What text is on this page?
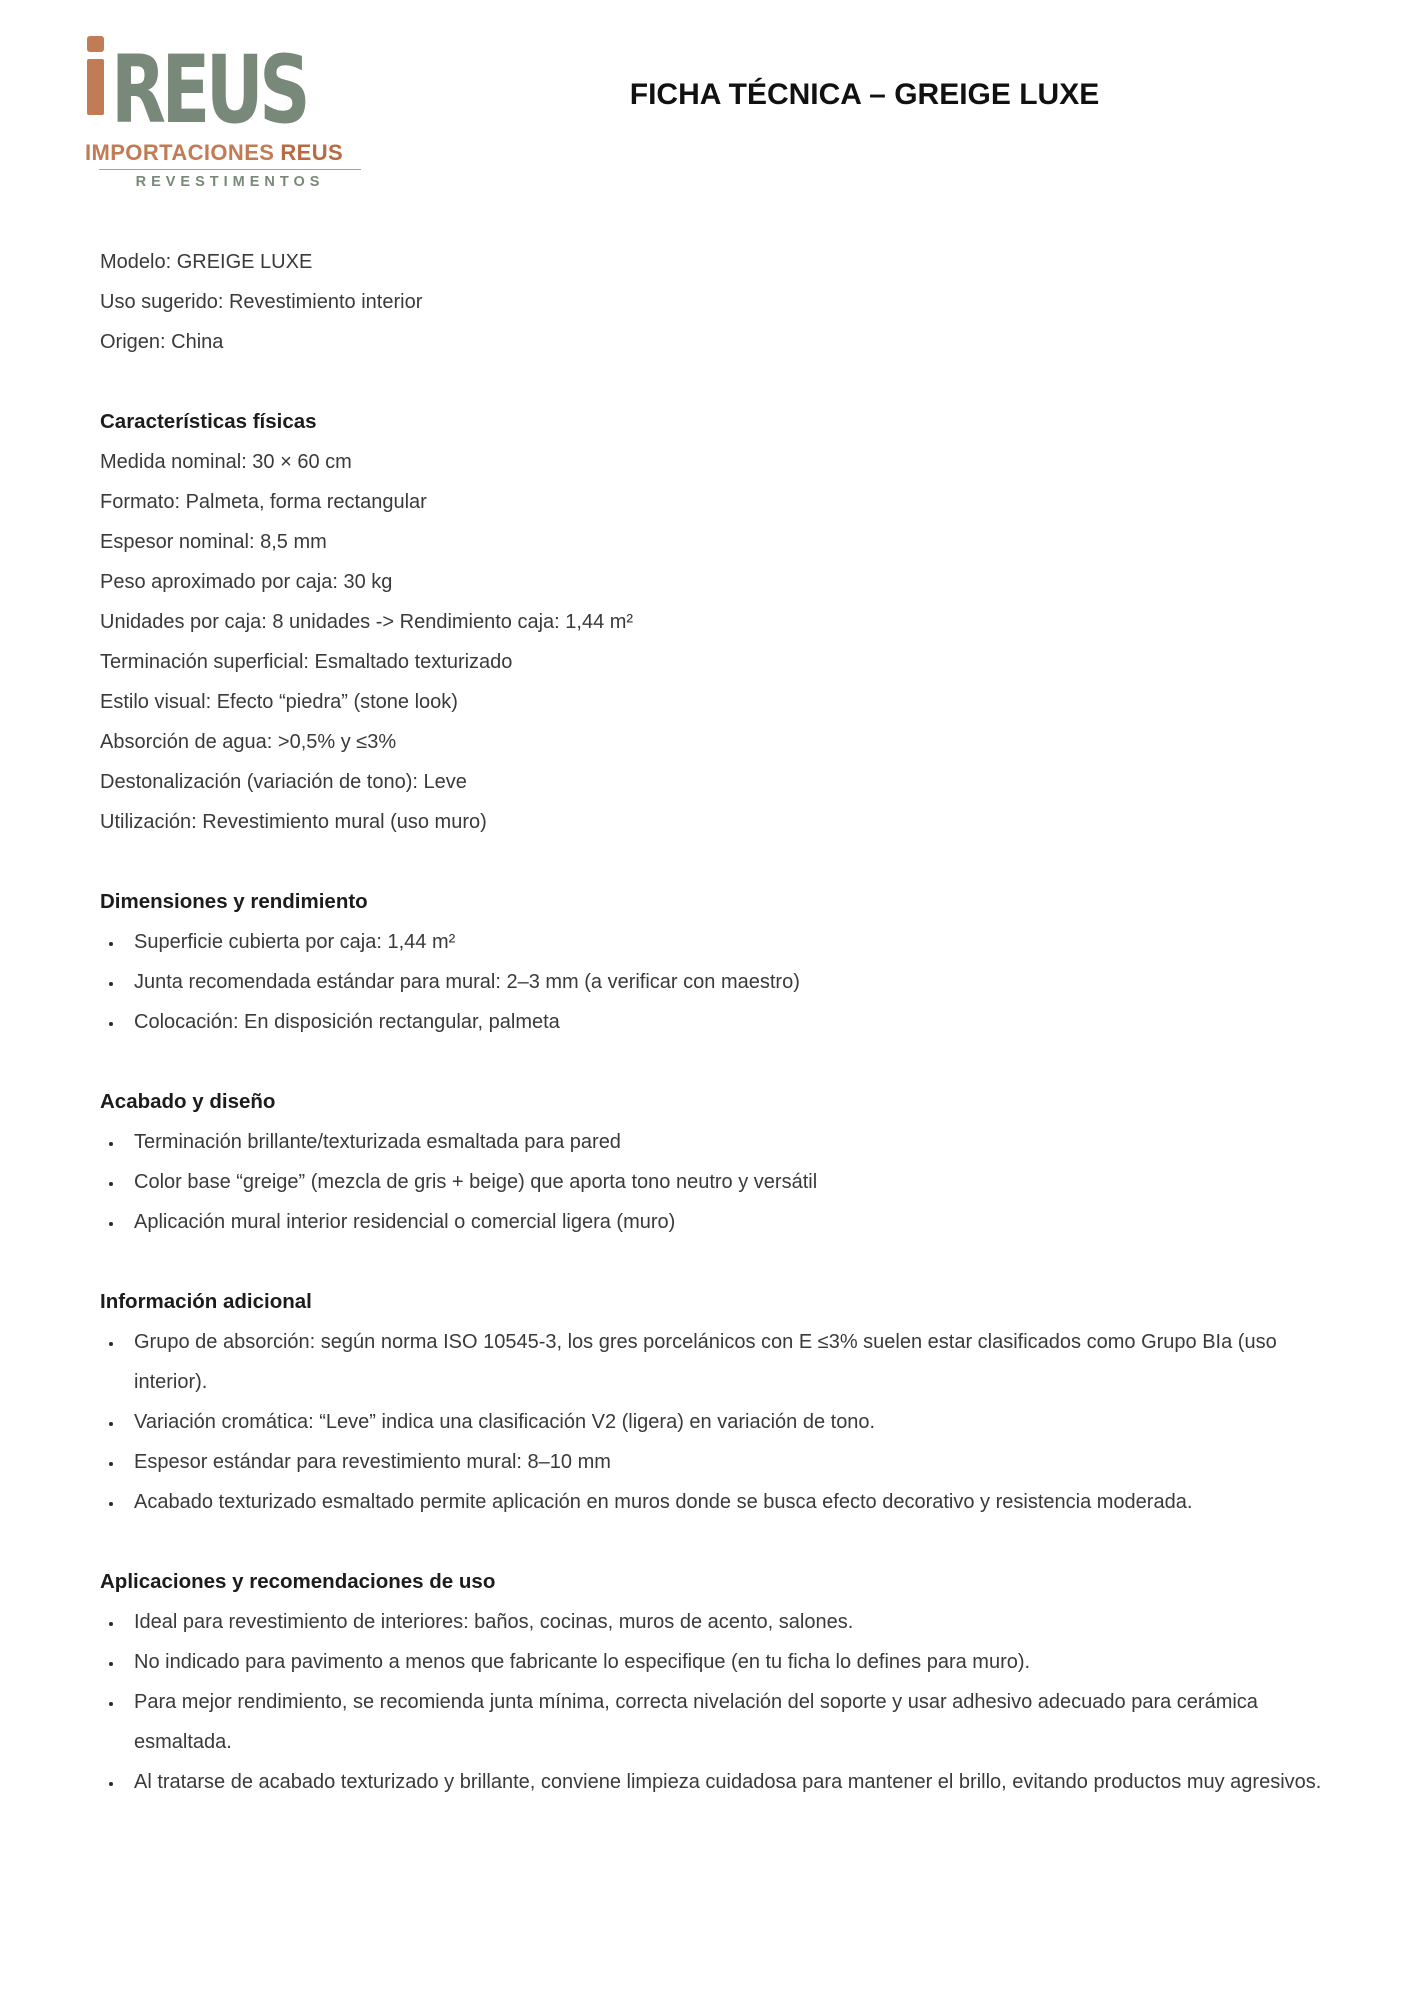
REUS
IMPORTACIONES REUS
REVESTIMENTOS
FICHA TÉCNICA – GREIGE LUXE

Modelo: GREIGE LUXE

Uso sugerido: Revestimiento interior

Origen: China

Características físicas

Medida nominal: 30 × 60 cm

Formato: Palmeta, forma rectangular

Espesor nominal: 8,5 mm

Peso aproximado por caja: 30 kg

Unidades por caja: 8 unidades -> Rendimiento caja: 1,44 m²

Terminación superficial: Esmaltado texturizado

Estilo visual: Efecto “piedra” (stone look)

Absorción de agua: >0,5% y ≤3%

Destonalización (variación de tono): Leve

Utilización: Revestimiento mural (uso muro)

Dimensiones y rendimiento
• Superficie cubierta por caja: 1,44 m²
• Junta recomendada estándar para mural: 2–3 mm (a verificar con maestro)
• Colocación: En disposición rectangular, palmeta
Acabado y diseño
• Terminación brillante/texturizada esmaltada para pared
• Color base “greige” (mezcla de gris + beige) que aporta tono neutro y versátil
• Aplicación mural interior residencial o comercial ligera (muro)
Información adicional
• Grupo de absorción: según norma ISO 10545-3, los gres porcelánicos con E ≤3% suelen estar clasificados como Grupo BIa (uso interior).
• Variación cromática: “Leve” indica una clasificación V2 (ligera) en variación de tono.
• Espesor estándar para revestimiento mural: 8–10 mm
• Acabado texturizado esmaltado permite aplicación en muros donde se busca efecto decorativo y resistencia moderada.
Aplicaciones y recomendaciones de uso
• Ideal para revestimiento de interiores: baños, cocinas, muros de acento, salones.
• No indicado para pavimento a menos que fabricante lo especifique (en tu ficha lo defines para muro).
• Para mejor rendimiento, se recomienda junta mínima, correcta nivelación del soporte y usar adhesivo adecuado para cerámica esmaltada.
• Al tratarse de acabado texturizado y brillante, conviene limpieza cuidadosa para mantener el brillo, evitando productos muy agresivos.
